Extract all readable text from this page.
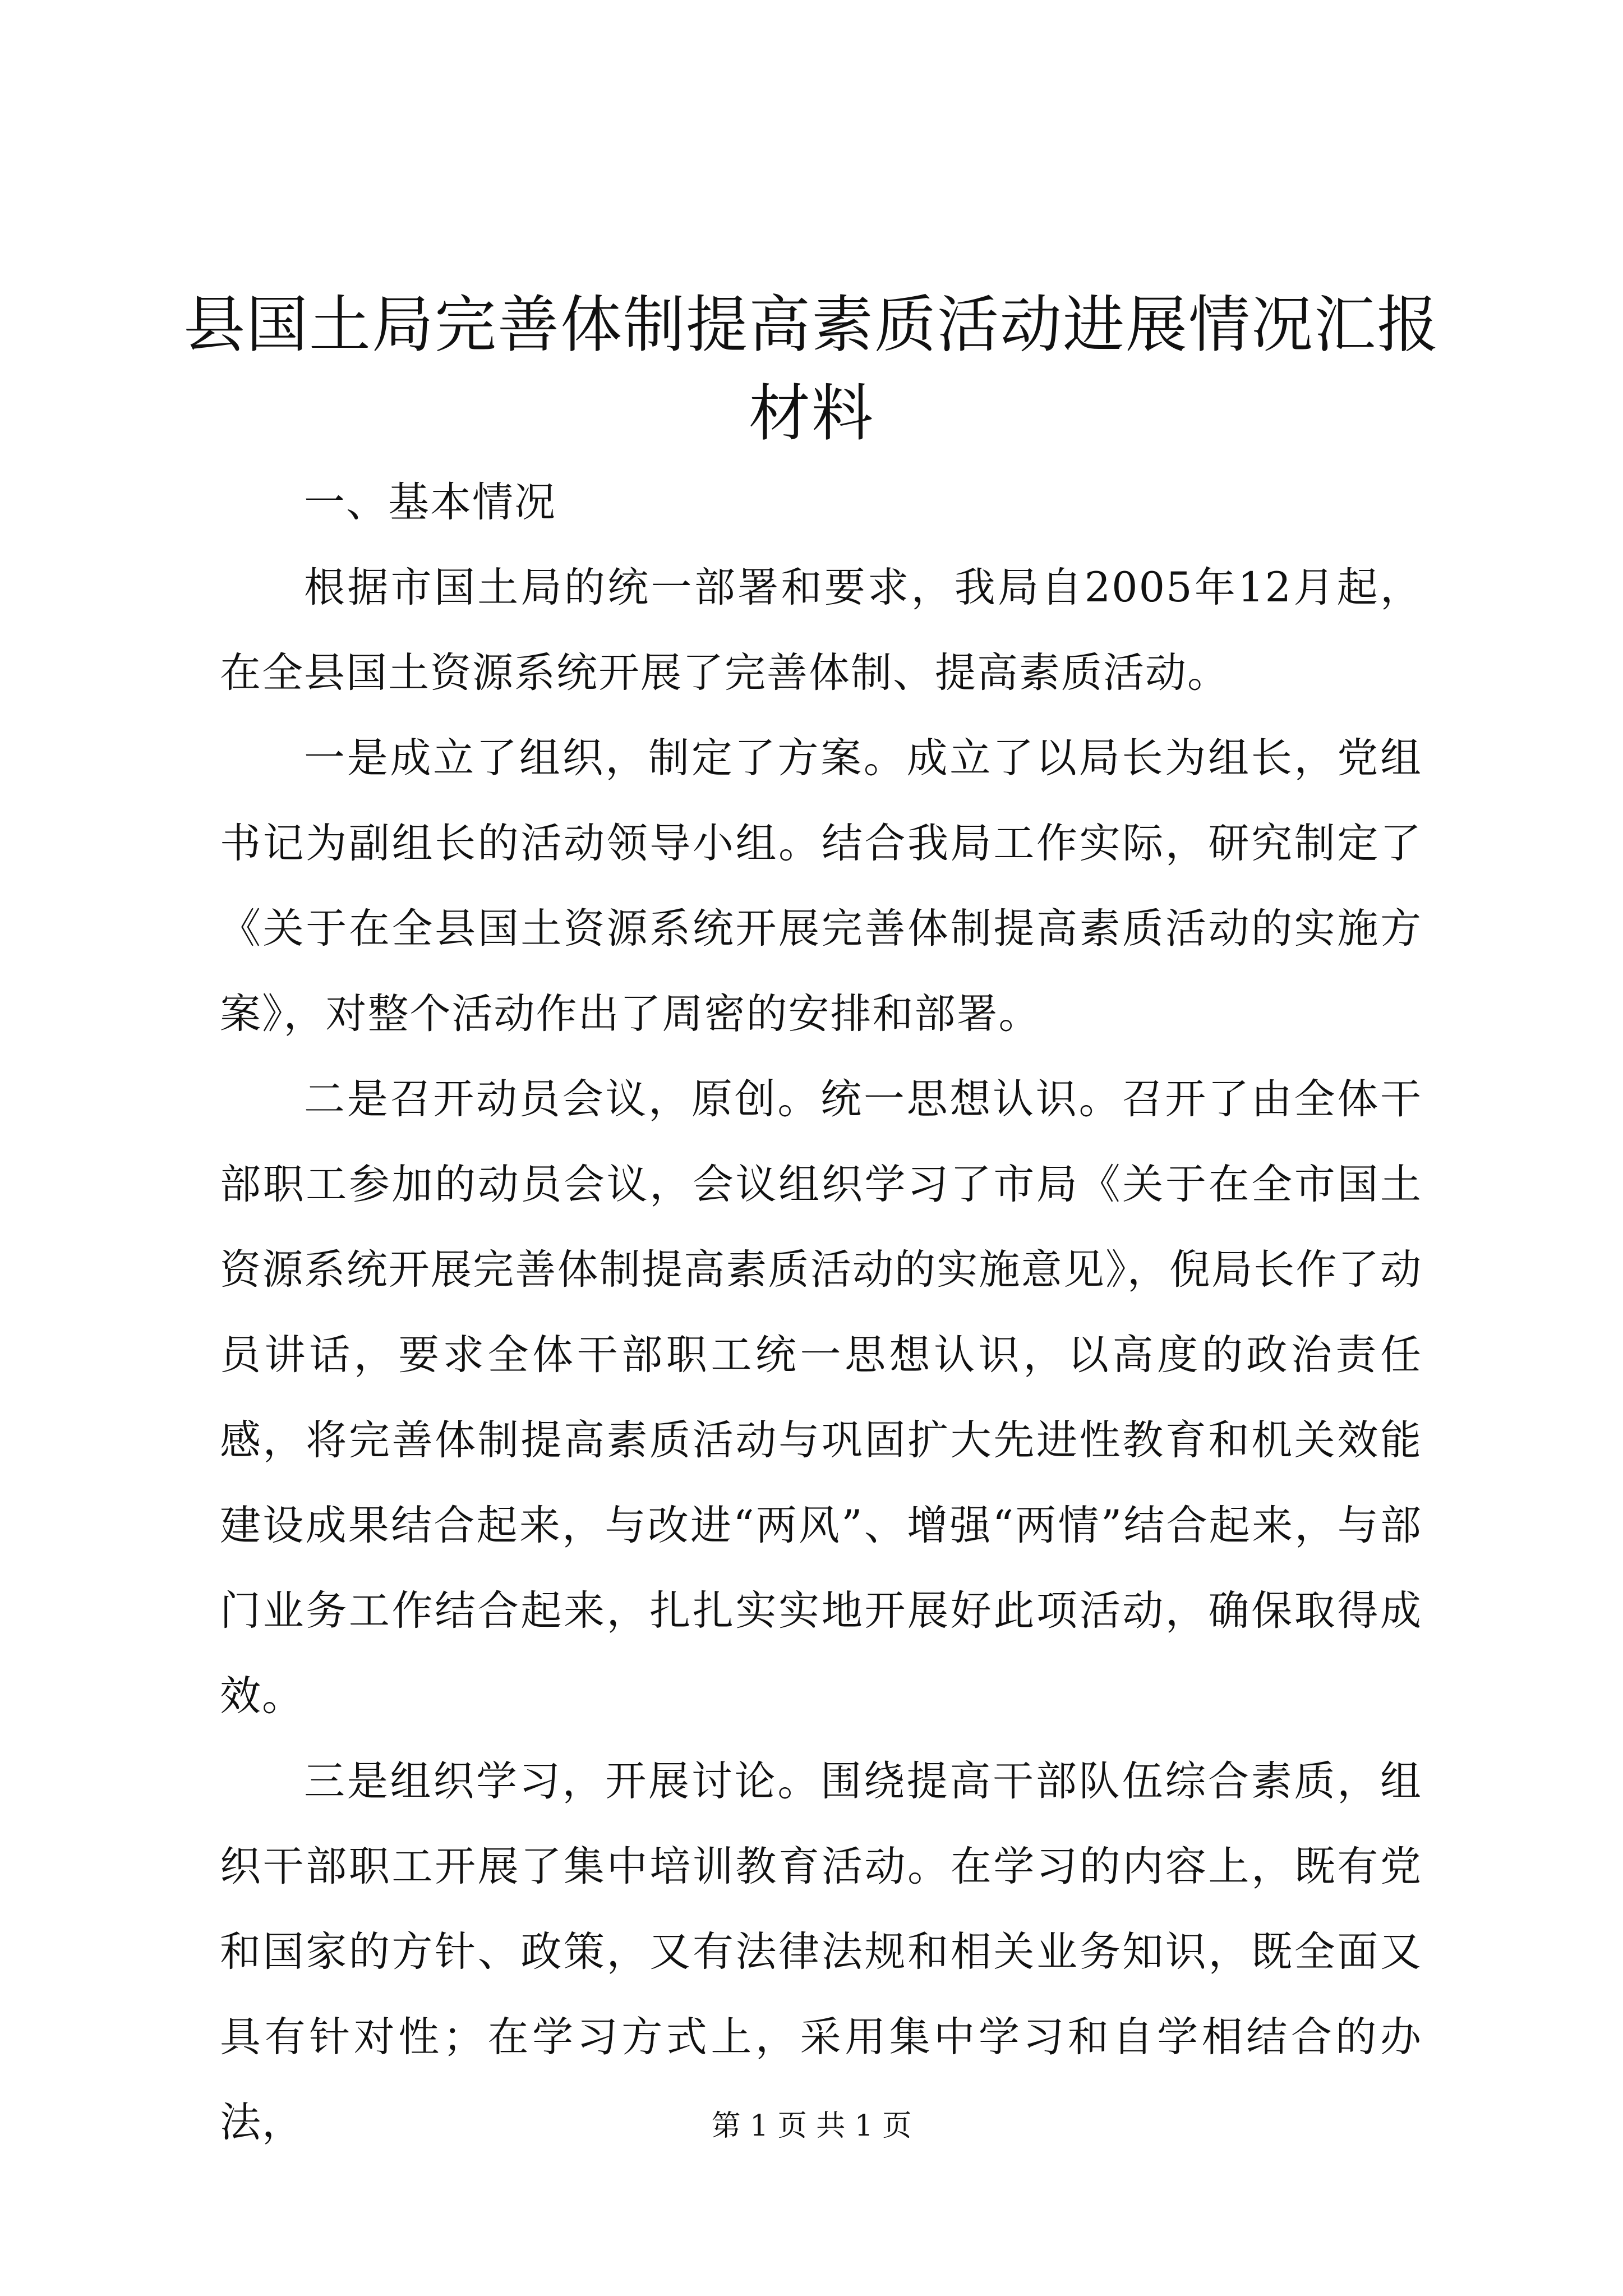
县国土局完善体制提高素质活动进展情况汇报材料

一、基本情况

根据市国土局的统一部署和要求，我局自2005年12月起，在全县国土资源系统开展了完善体制、提高素质活动。

一是成立了组织，制定了方案。成立了以局长为组长，党组书记为副组长的活动领导小组。结合我局工作实际，研究制定了《关于在全县国土资源系统开展完善体制提高素质活动的实施方案》，对整个活动作出了周密的安排和部署。

二是召开动员会议，原创。统一思想认识。召开了由全体干部职工参加的动员会议，会议组织学习了市局《关于在全市国土资源系统开展完善体制提高素质活动的实施意见》，倪局长作了动员讲话，要求全体干部职工统一思想认识，以高度的政治责任感，将完善体制提高素质活动与巩固扩大先进性教育和机关效能建设成果结合起来，与改进“两风”、增强“两情”结合起来，与部门业务工作结合起来，扎扎实实地开展好此项活动，确保取得成效。

三是组织学习，开展讨论。围绕提高干部队伍综合素质，组织干部职工开展了集中培训教育活动。在学习的内容上，既有党和国家的方针、政策，又有法律法规和相关业务知识，既全面又具有针对性；在学习方式上，采用集中学习和自学相结合的办法，	第 1 页 共 1 页
